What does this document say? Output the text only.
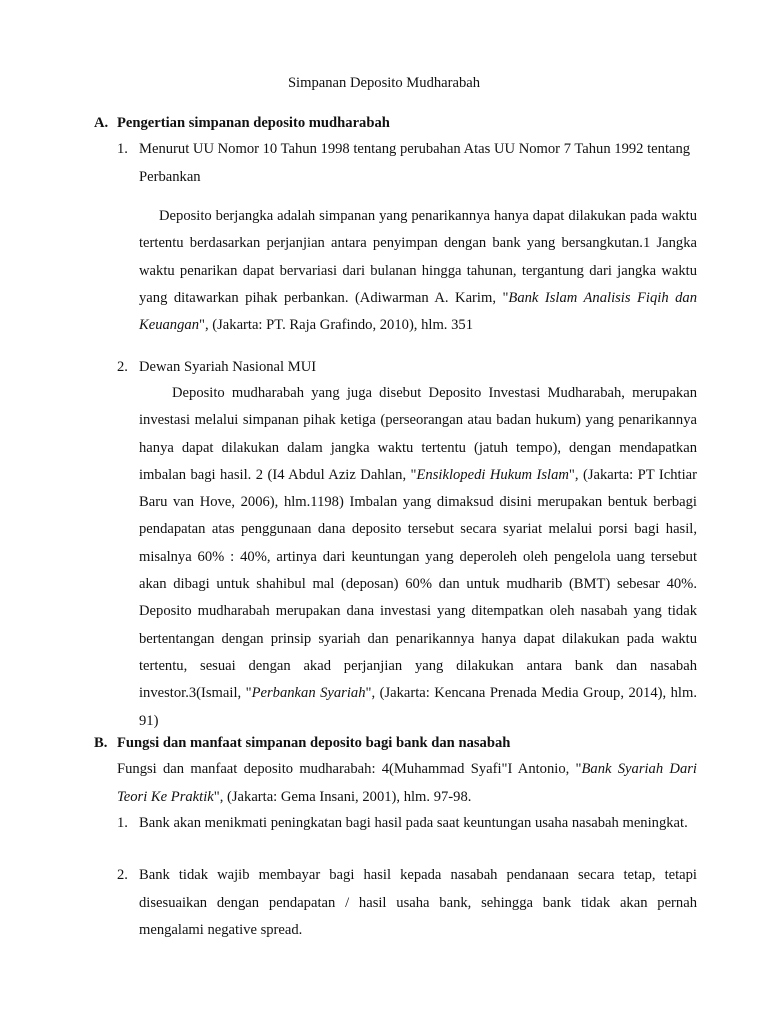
Simpanan Deposito Mudharabah
A. Pengertian simpanan deposito mudharabah
1. Menurut UU Nomor 10 Tahun 1998 tentang perubahan Atas UU Nomor 7 Tahun 1992 tentang Perbankan
Deposito berjangka adalah simpanan yang penarikannya hanya dapat dilakukan pada waktu tertentu berdasarkan perjanjian antara penyimpan dengan bank yang bersangkutan.1 Jangka waktu penarikan dapat bervariasi dari bulanan hingga tahunan, tergantung dari jangka waktu yang ditawarkan pihak perbankan. (Adiwarman A. Karim, "Bank Islam Analisis Fiqih dan Keuangan", (Jakarta: PT. Raja Grafindo, 2010), hlm. 351
2. Dewan Syariah Nasional MUI
Deposito mudharabah yang juga disebut Deposito Investasi Mudharabah, merupakan investasi melalui simpanan pihak ketiga (perseorangan atau badan hukum) yang penarikannya hanya dapat dilakukan dalam jangka waktu tertentu (jatuh tempo), dengan mendapatkan imbalan bagi hasil. 2 (I4 Abdul Aziz Dahlan, "Ensiklopedi Hukum Islam", (Jakarta: PT Ichtiar Baru van Hove, 2006), hlm.1198) Imbalan yang dimaksud disini merupakan bentuk berbagi pendapatan atas penggunaan dana deposito tersebut secara syariat melalui porsi bagi hasil, misalnya 60% : 40%, artinya dari keuntungan yang deperoleh oleh pengelola uang tersebut akan dibagi untuk shahibul mal (deposan) 60% dan untuk mudharib (BMT) sebesar 40%. Deposito mudharabah merupakan dana investasi yang ditempatkan oleh nasabah yang tidak bertentangan dengan prinsip syariah dan penarikannya hanya dapat dilakukan pada waktu tertentu, sesuai dengan akad perjanjian yang dilakukan antara bank dan nasabah investor.3(Ismail, "Perbankan Syariah", (Jakarta: Kencana Prenada Media Group, 2014), hlm. 91)
B. Fungsi dan manfaat simpanan deposito bagi bank dan nasabah
Fungsi dan manfaat deposito mudharabah: 4(Muhammad Syafi"I Antonio, "Bank Syariah Dari Teori Ke Praktik", (Jakarta: Gema Insani, 2001), hlm. 97-98.
1. Bank akan menikmati peningkatan bagi hasil pada saat keuntungan usaha nasabah meningkat.
2. Bank tidak wajib membayar bagi hasil kepada nasabah pendanaan secara tetap, tetapi disesuaikan dengan pendapatan / hasil usaha bank, sehingga bank tidak akan pernah mengalami negative spread.
